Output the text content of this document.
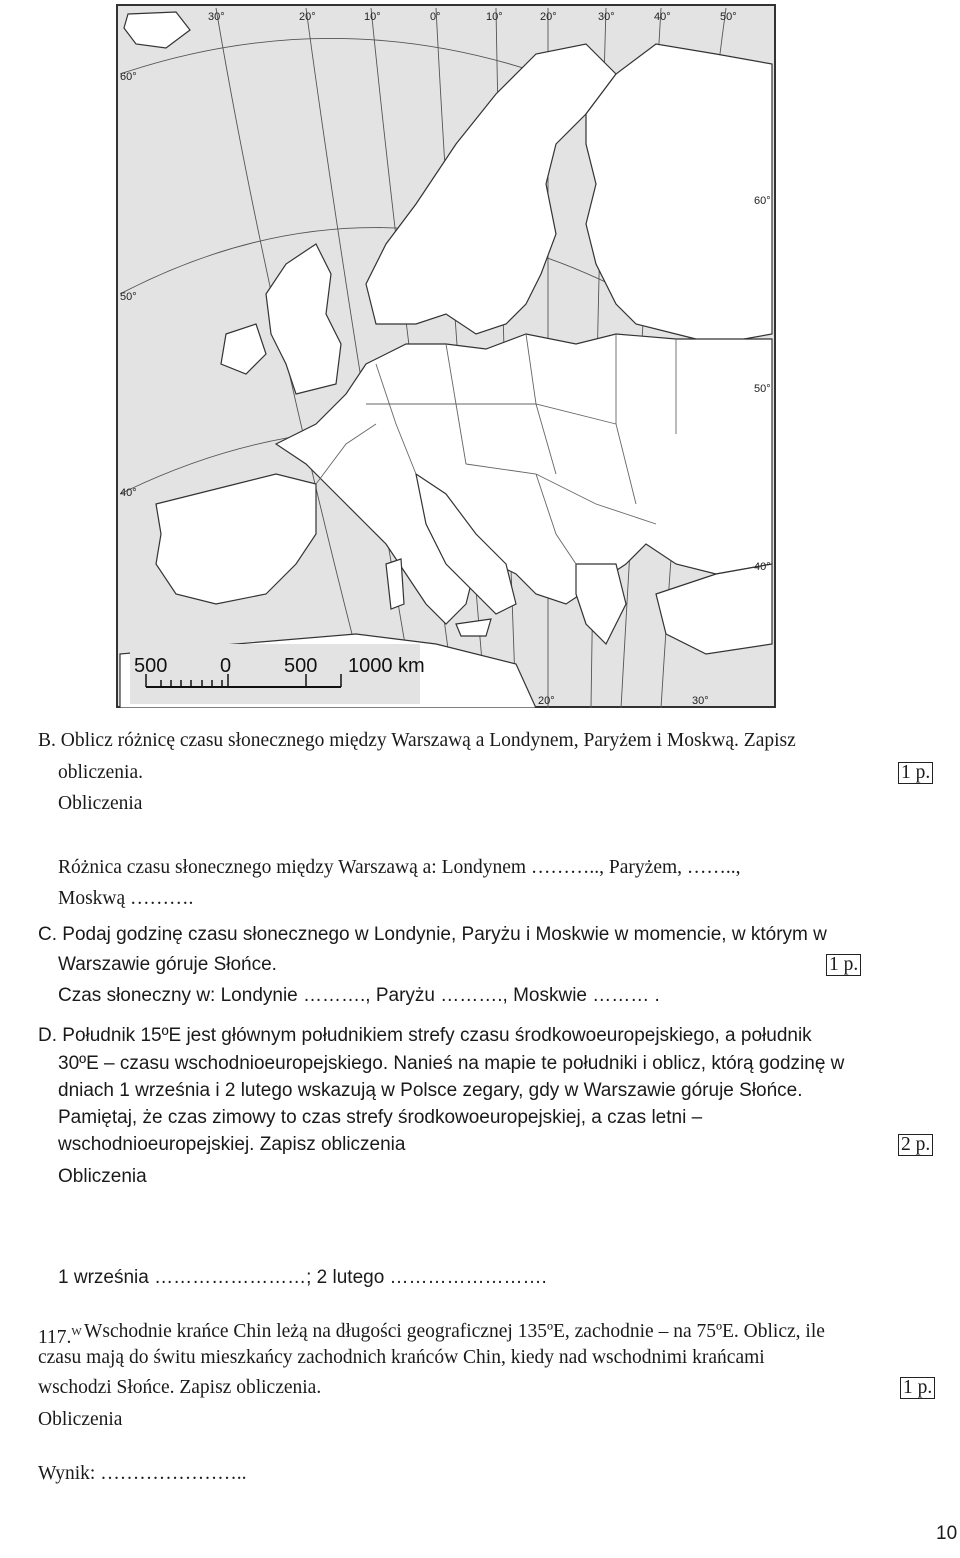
30°	20°	10°	0°	10°	20°	30°	40°	50°
60°
50°
40°
60°
50°
40°
20°	30°
500	0	500 1000 km
B. Oblicz różnicę czasu słonecznego między Warszawą a Londynem, Paryżem i Moskwą. Zapisz
obliczenia.	1 p.
Obliczenia
Różnica czasu słonecznego między Warszawą a: Londynem ……….., Paryżem, ……..,
Moskwą ……….
C. Podaj godzinę czasu słonecznego w Londynie, Paryżu i Moskwie w momencie, w którym w
Warszawie góruje Słońce.	1 p.
Czas słoneczny w: Londynie ………., Paryżu ………., Moskwie ……… .
D. Południk 15ºE jest głównym południkiem strefy czasu środkowoeuropejskiego, a południk
30ºE – czasu wschodnioeuropejskiego. Nanieś na mapie te południki i oblicz, którą godzinę w
dniach 1 września i 2 lutego wskazują w Polsce zegary, gdy w Warszawie góruje Słońce.
Pamiętaj, że czas zimowy to czas strefy środkowoeuropejskiej, a czas letni –
wschodnioeuropejskiej. Zapisz obliczenia	2 p.
Obliczenia
1 września ……………………; 2 lutego …………………….
117.$^W$ Wschodnie krańce Chin leżą na długości geograficznej 135ºE, zachodnie – na 75ºE. Oblicz, ile
czasu mają do świtu mieszkańcy zachodnich krańców Chin, kiedy nad wschodnimi krańcami
wschodzi Słońce. Zapisz obliczenia.	1 p.
Obliczenia
Wynik: …………………..
10
